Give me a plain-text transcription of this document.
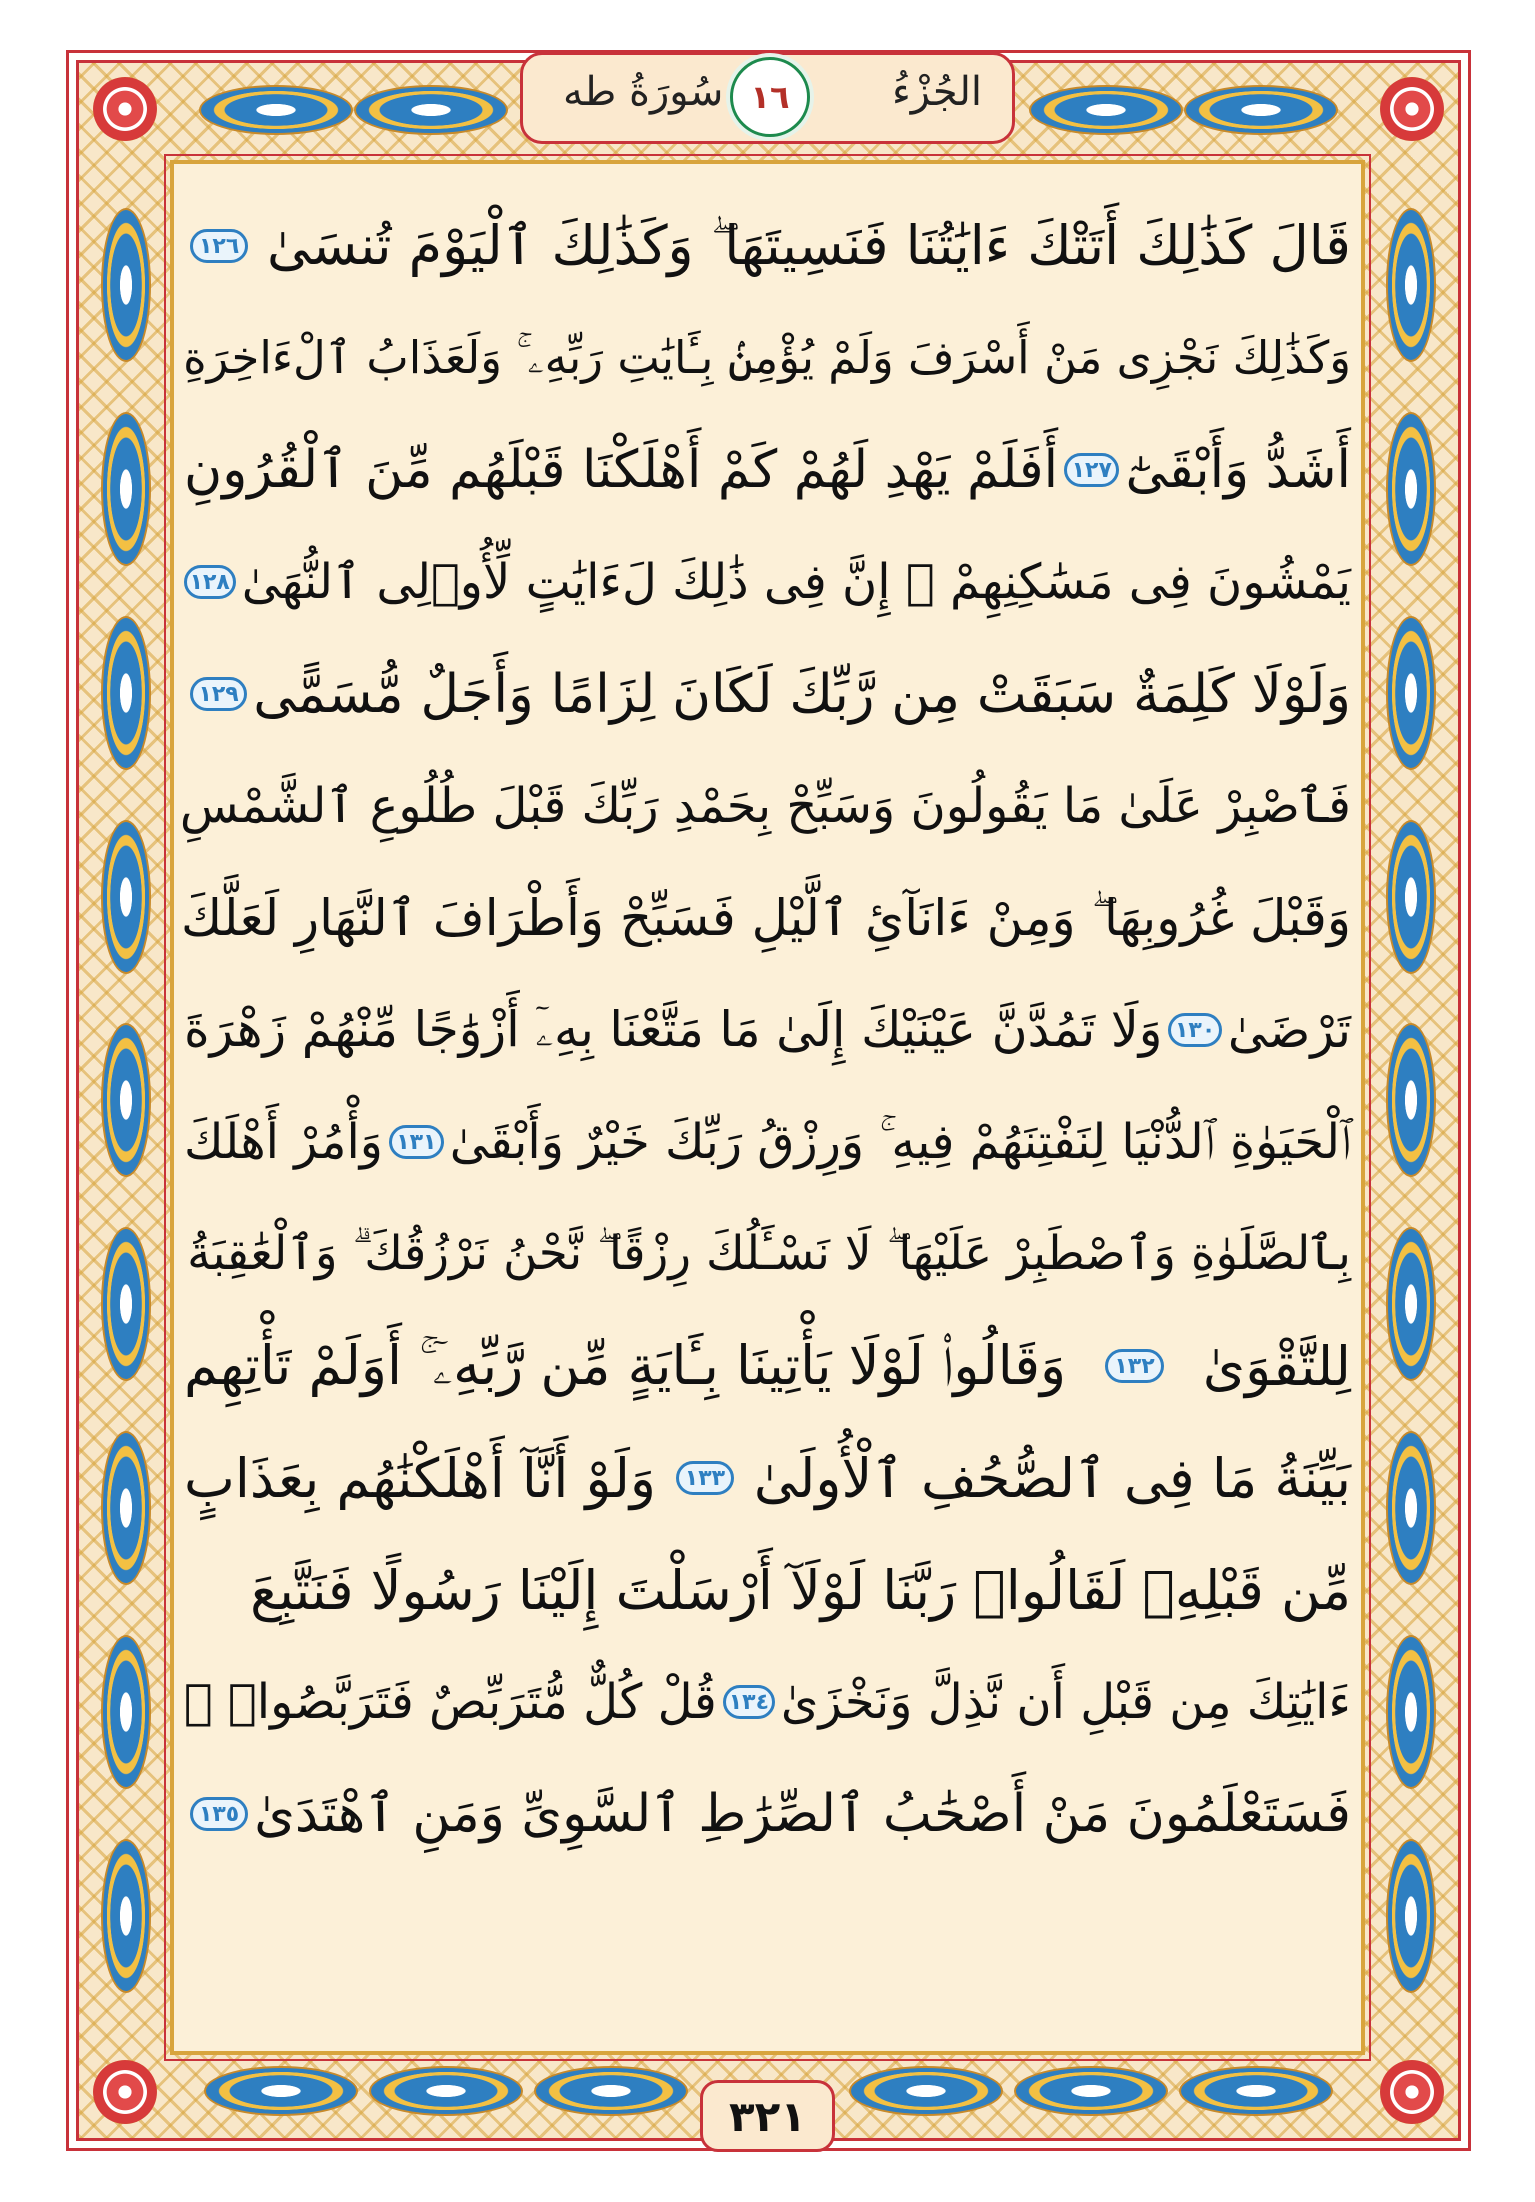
الجُزْءُ
١٦
سُورَةُ طه
قَالَ كَذَٰلِكَ أَتَتْكَ ءَايَٰتُنَا فَنَسِيتَهَا ۖ وَكَذَٰلِكَ ٱلْيَوْمَ تُنسَىٰ
١٢٦
وَكَذَٰلِكَ نَجْزِى مَنْ أَسْرَفَ وَلَمْ يُؤْمِنۢ بِـَٔايَٰتِ رَبِّهِۦ ۚ وَلَعَذَابُ ٱلْءَاخِرَةِ
أَشَدُّ وَأَبْقَىٰٓ
١٢٧
أَفَلَمْ يَهْدِ لَهُمْ كَمْ أَهْلَكْنَا قَبْلَهُم مِّنَ ٱلْقُرُونِ
يَمْشُونَ فِى مَسَٰكِنِهِمْ ۗ إِنَّ فِى ذَٰلِكَ لَءَايَٰتٍ لِّأُو۟لِى ٱلنُّهَىٰ
١٢٨
وَلَوْلَا كَلِمَةٌ سَبَقَتْ مِن رَّبِّكَ لَكَانَ لِزَامًا وَأَجَلٌ مُّسَمًّى
١٢٩
فَٱصْبِرْ عَلَىٰ مَا يَقُولُونَ وَسَبِّحْ بِحَمْدِ رَبِّكَ قَبْلَ طُلُوعِ ٱلشَّمْسِ
وَقَبْلَ غُرُوبِهَا ۖ وَمِنْ ءَانَآئِ ٱلَّيْلِ فَسَبِّحْ وَأَطْرَافَ ٱلنَّهَارِ لَعَلَّكَ
تَرْضَىٰ
١٣٠
وَلَا تَمُدَّنَّ عَيْنَيْكَ إِلَىٰ مَا مَتَّعْنَا بِهِۦٓ أَزْوَٰجًا مِّنْهُمْ زَهْرَةَ
ٱلْحَيَوٰةِ ٱلدُّنْيَا لِنَفْتِنَهُمْ فِيهِ ۚ وَرِزْقُ رَبِّكَ خَيْرٌ وَأَبْقَىٰ
١٣١
وَأْمُرْ أَهْلَكَ
بِٱلصَّلَوٰةِ وَٱصْطَبِرْ عَلَيْهَا ۖ لَا نَسْـَٔلُكَ رِزْقًا ۖ نَّحْنُ نَرْزُقُكَ ۗ وَٱلْعَٰقِبَةُ
لِلتَّقْوَىٰ
١٣٢
وَقَالُوا۟ لَوْلَا يَأْتِينَا بِـَٔايَةٍ مِّن رَّبِّهِۦٓ ۚ أَوَلَمْ تَأْتِهِم
بَيِّنَةُ مَا فِى ٱلصُّحُفِ ٱلْأُولَىٰ
١٣٣
وَلَوْ أَنَّآ أَهْلَكْنَٰهُم بِعَذَابٍ
مِّن قَبْلِهِۦ لَقَالُوا۟ رَبَّنَا لَوْلَآ أَرْسَلْتَ إِلَيْنَا رَسُولًا فَنَتَّبِعَ
ءَايَٰتِكَ مِن قَبْلِ أَن نَّذِلَّ وَنَخْزَىٰ
١٣٤
قُلْ كُلٌّ مُّتَرَبِّصٌ فَتَرَبَّصُوا۟ ۖ
فَسَتَعْلَمُونَ مَنْ أَصْحَٰبُ ٱلصِّرَٰطِ ٱلسَّوِىِّ وَمَنِ ٱهْتَدَىٰ
١٣٥
٣٢١
